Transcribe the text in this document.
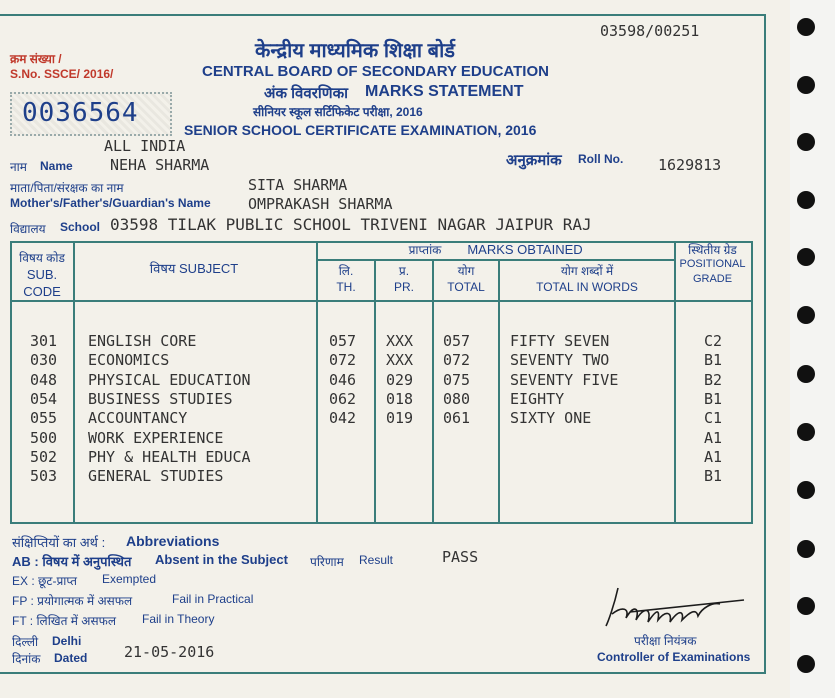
03598/00251
क्रम संख्या /
S.No. SSCE/ 2016/
0036564
केन्द्रीय माध्यमिक शिक्षा बोर्ड
CENTRAL BOARD OF SECONDARY EDUCATION
अंक विवरणिका MARKS STATEMENT
सीनियर स्कूल सर्टिफिकेट परीक्षा, 2016
SENIOR SCHOOL CERTIFICATE EXAMINATION, 2016
ALL INDIA
नाम Name NEHA SHARMA	अनुक्रमांक Roll No. 1629813
माता/पिता/संरक्षक का नाम
Mother's/Father's/Guardian's Name
SITA SHARMA
OMPRAKASH SHARMA
विद्यालय School 03598 TILAK PUBLIC SCHOOL TRIVENI NAGAR JAIPUR RAJ
विषय कोड
SUB. CODE
विषय SUBJECT
प्राप्तांक	MARKS OBTAINED
लि.
TH.
प्र.
PR.
योग
TOTAL
योग शब्दों में
TOTAL IN WORDS
स्थितीय ग्रेड
POSITIONAL GRADE
301 ENGLISH CORE	057 XXX 057	FIFTY SEVEN	C2
030 ECONOMICS	072 XXX 072	SEVENTY TWO	B1
048 PHYSICAL EDUCATION	046 029 075	SEVENTY FIVE	B2
054 BUSINESS STUDIES	062 018 080	EIGHTY	B1
055 ACCOUNTANCY	042 019 061	SIXTY ONE	C1
500 WORK EXPERIENCE	A1
502 PHY & HEALTH EDUCA	A1
503 GENERAL STUDIES	B1
संक्षिप्तियों का अर्थ : Abbreviations
AB : विषय में अनुपस्थित Absent in the Subject परिणाम Result	PASS
EX : छूट-प्राप्त Exempted
FP : प्रयोगात्मक में असफल	Fail in Practical
FT : लिखित में असफल Fail in Theory
दिल्ली Delhi
दिनांक Dated 21-05-2016
परीक्षा नियंत्रक
Controller of Examinations
